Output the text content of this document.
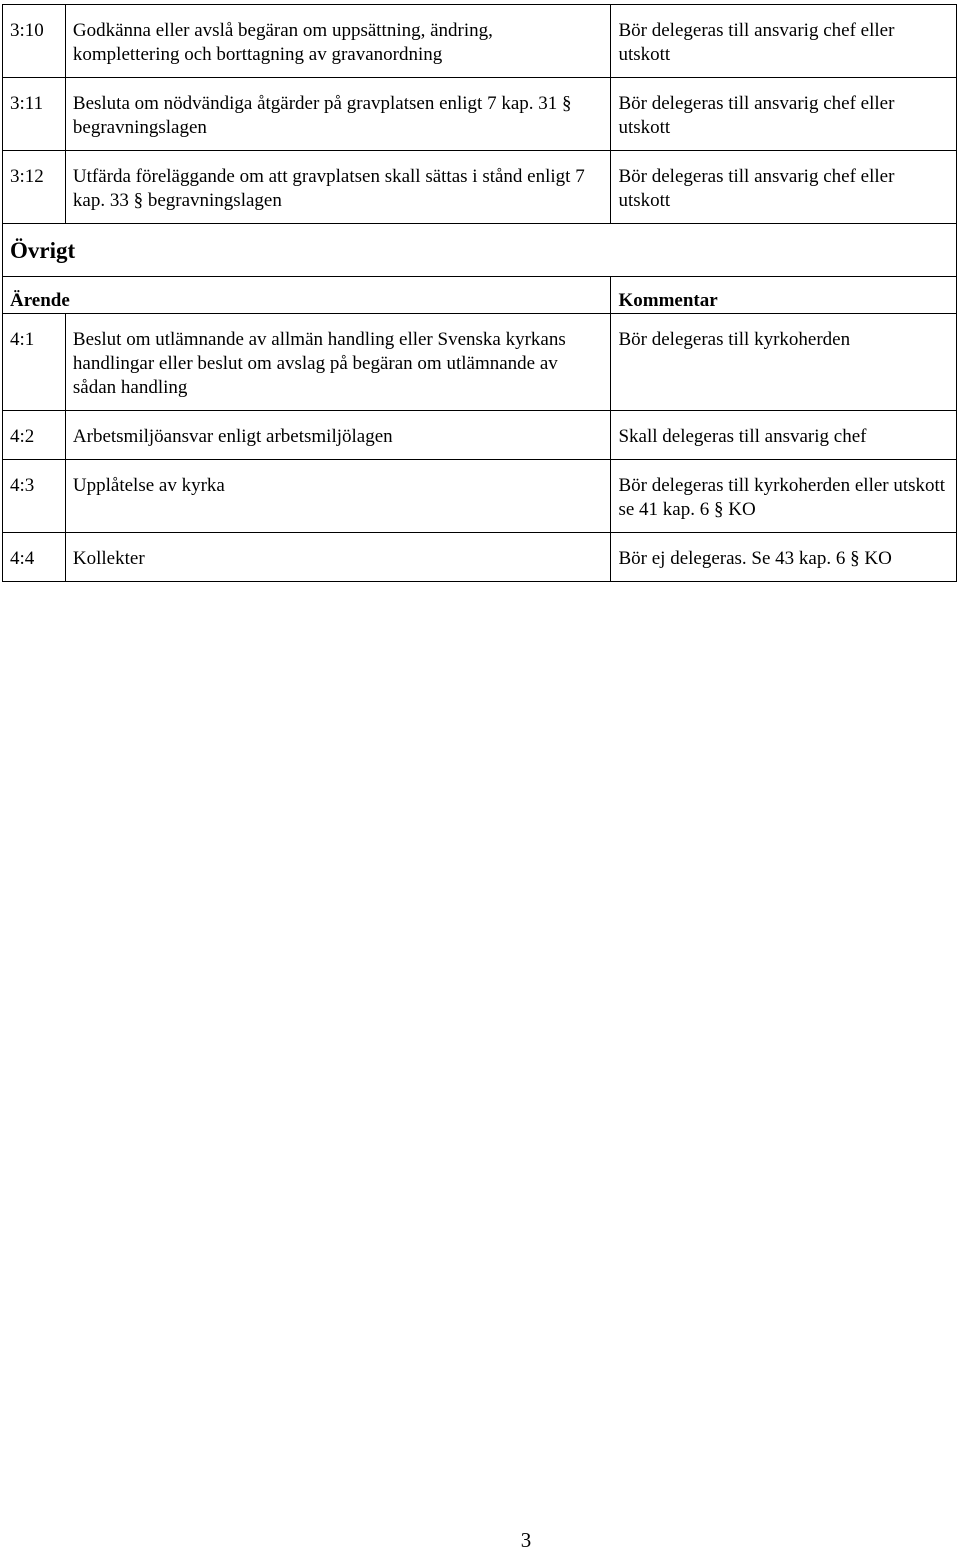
3:10	Godkänna eller avslå begäran om uppsättning, ändring, komplettering och borttagning av gravanordning	Bör delegeras till ansvarig chef eller utskott
3:11	Besluta om nödvändiga åtgärder på gravplatsen enligt 7 kap. 31 § begravningslagen	Bör delegeras till ansvarig chef eller utskott
3:12	Utfärda föreläggande om att gravplatsen skall sättas i stånd enligt 7 kap. 33 § begravningslagen	Bör delegeras till ansvarig chef eller utskott
Övrigt		
Ärende		Kommentar
4:1	Beslut om utlämnande av allmän handling eller Svenska kyrkans handlingar eller beslut om avslag på begäran om utlämnande av sådan handling	Bör delegeras till kyrkoherden
4:2	Arbetsmiljöansvar enligt arbetsmiljölagen	Skall delegeras till ansvarig chef
4:3	Upplåtelse av kyrka	Bör delegeras till kyrkoherden eller utskott se 41 kap. 6 § KO
4:4	Kollekter	Bör ej delegeras. Se 43 kap. 6 § KO
3
